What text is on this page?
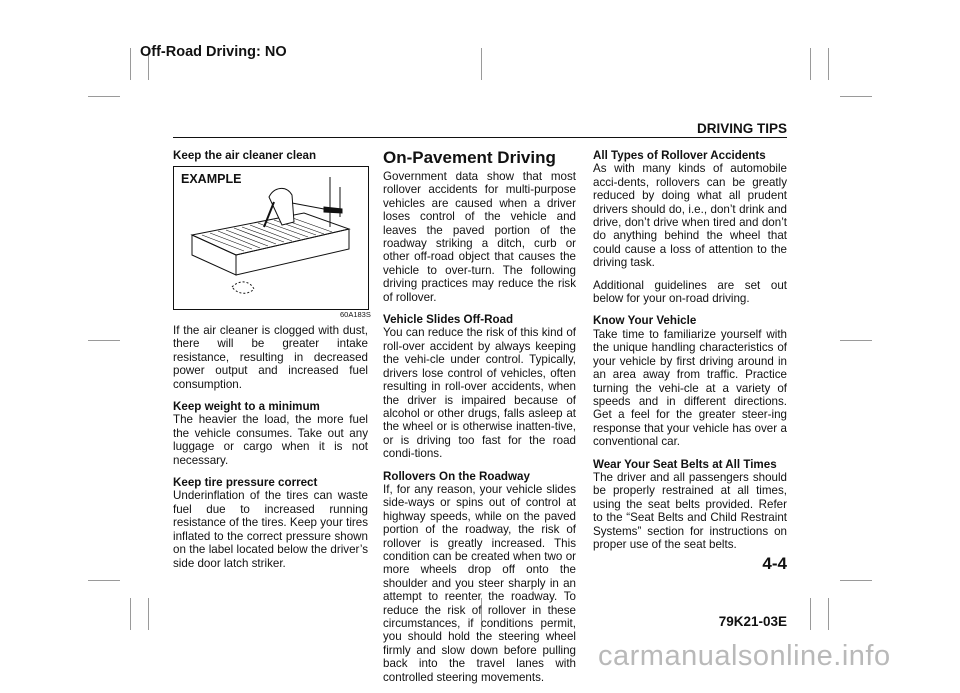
Off-Road Driving: NO
DRIVING TIPS

Keep the air cleaner clean

EXAMPLE
60A183S

If the air cleaner is clogged with dust, there will be greater intake resistance, resulting in decreased power output and increased fuel consumption.

Keep weight to a minimum
The heavier the load, the more fuel the vehicle consumes. Take out any luggage or cargo when it is not necessary.

Keep tire pressure correct
Underinflation of the tires can waste fuel due to increased running resistance of the tires. Keep your tires inflated to the correct pressure shown on the label located below the driver’s side door latch striker.

On-Pavement Driving

Government data show that most rollover accidents for multi-purpose vehicles are caused when a driver loses control of the vehicle and leaves the paved portion of the roadway striking a ditch, curb or other off-road object that causes the vehicle to over-turn. The following driving practices may reduce the risk of rollover.

Vehicle Slides Off-Road
You can reduce the risk of this kind of roll-over accident by always keeping the vehi-cle under control. Typically, drivers lose control of vehicles, often resulting in roll-over accidents, when the driver is impaired because of alcohol or other drugs, falls asleep at the wheel or is otherwise inatten-tive, or is driving too fast for the road condi-tions.

Rollovers On the Roadway
If, for any reason, your vehicle slides side-ways or spins out of control at highway speeds, while on the paved portion of the roadway, the risk of rollover is greatly increased. This condition can be created when two or more wheels drop off onto the shoulder and you steer sharply in an attempt to reenter the roadway. To reduce the risk of rollover in these circumstances, if conditions permit, you should hold the steering wheel firmly and slow down before pulling back into the travel lanes with controlled steering movements.

All Types of Rollover Accidents
As with many kinds of automobile acci-dents, rollovers can be greatly reduced by doing what all prudent drivers should do, i.e., don’t drink and drive, don’t drive when tired and don’t do anything behind the wheel that could cause a loss of attention to the driving task.

Additional guidelines are set out below for your on-road driving.

Know Your Vehicle
Take time to familiarize yourself with the unique handling characteristics of your vehicle by first driving around in an area away from traffic. Practice turning the vehi-cle at a variety of speeds and in different directions. Get a feel for the greater steer-ing response that your vehicle has over a conventional car.

Wear Your Seat Belts at All Times
The driver and all passengers should be properly restrained at all times, using the seat belts provided. Refer to the “Seat Belts and Child Restraint Systems” section for instructions on proper use of the seat belts.

4-4
79K21-03E
carmanualsonline.info
